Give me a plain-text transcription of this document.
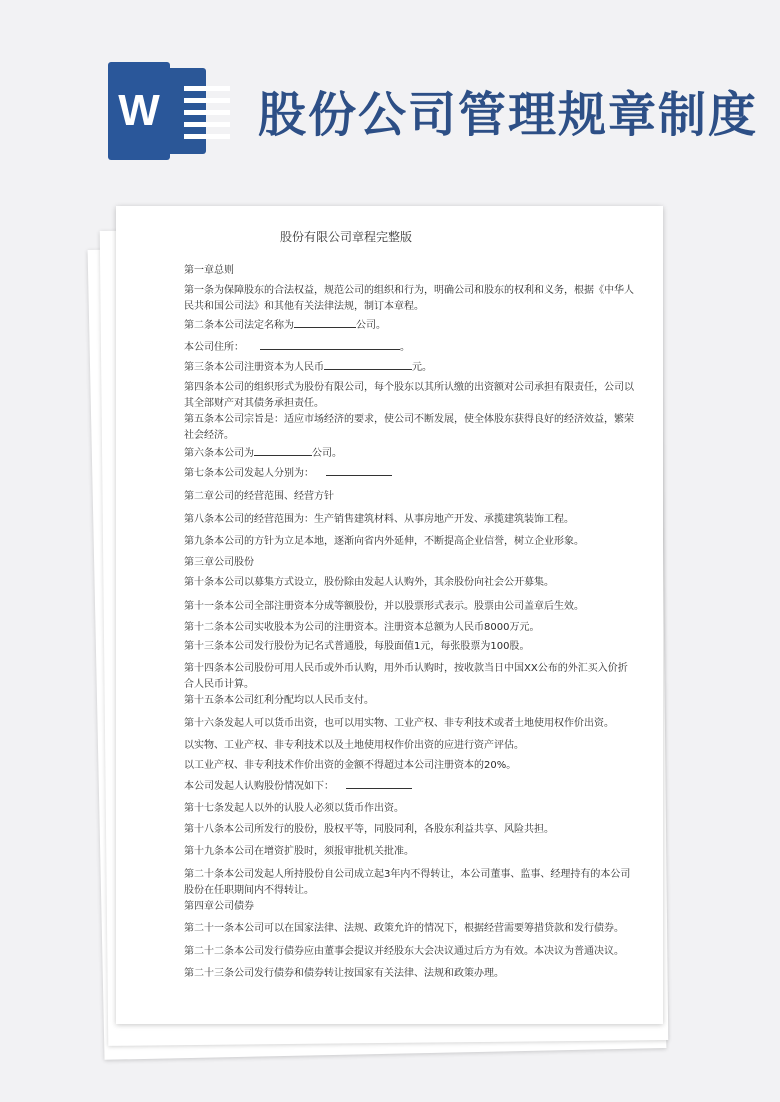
W 股份公司管理规章制度
股份有限公司章程完整版
第一章总则
第一条为保障股东的合法权益，规范公司的组织和行为，明确公司和股东的权利和义务，根据《中华人民共和国公司法》和其他有关法律法规，制订本章程。
第二条本公司法定名称为	公司。
本公司住所：	。
第三条本公司注册资本为人民币	元。
第四条本公司的组织形式为股份有限公司，每个股东以其所认缴的出资额对公司承担有限责任，公司以其全部财产对其债务承担责任。
第五条本公司宗旨是：适应市场经济的要求，使公司不断发展，使全体股东获得良好的经济效益，繁荣社会经济。
第六条本公司为	公司。
第七条本公司发起人分别为：
第二章公司的经营范围、经营方针
第八条本公司的经营范围为：生产销售建筑材料、从事房地产开发、承揽建筑装饰工程。
第九条本公司的方针为立足本地，逐渐向省内外延伸，不断提高企业信誉，树立企业形象。
第三章公司股份
第十条本公司以募集方式设立，股份除由发起人认购外，其余股份向社会公开募集。
第十一条本公司全部注册资本分成等额股份，并以股票形式表示。股票由公司盖章后生效。
第十二条本公司实收股本为公司的注册资本。注册资本总额为人民币8000万元。
第十三条本公司发行股份为记名式普通股，每股面值1元，每张股票为100股。
第十四条本公司股份可用人民币或外币认购，用外币认购时，按收款当日中国XX公布的外汇买入价折合人民币计算。
第十五条本公司红利分配均以人民币支付。
第十六条发起人可以货币出资，也可以用实物、工业产权、非专利技术或者土地使用权作价出资。
以实物、工业产权、非专利技术以及土地使用权作价出资的应进行资产评估。
以工业产权、非专利技术作价出资的金额不得超过本公司注册资本的20%。
本公司发起人认购股份情况如下：
第十七条发起人以外的认股人必须以货币作出资。
第十八条本公司所发行的股份，股权平等，同股同利，各股东利益共享、风险共担。
第十九条本公司在增资扩股时，须报审批机关批准。
第二十条本公司发起人所持股份自公司成立起3年内不得转让，本公司董事、监事、经理持有的本公司股份在任职期间内不得转让。
第四章公司债券
第二十一条本公司可以在国家法律、法规、政策允许的情况下，根据经营需要筹措贷款和发行债券。
第二十二条本公司发行债券应由董事会提议并经股东大会决议通过后方为有效。本决议为普通决议。
第二十三条公司发行债券和债券转让按国家有关法律、法规和政策办理。
